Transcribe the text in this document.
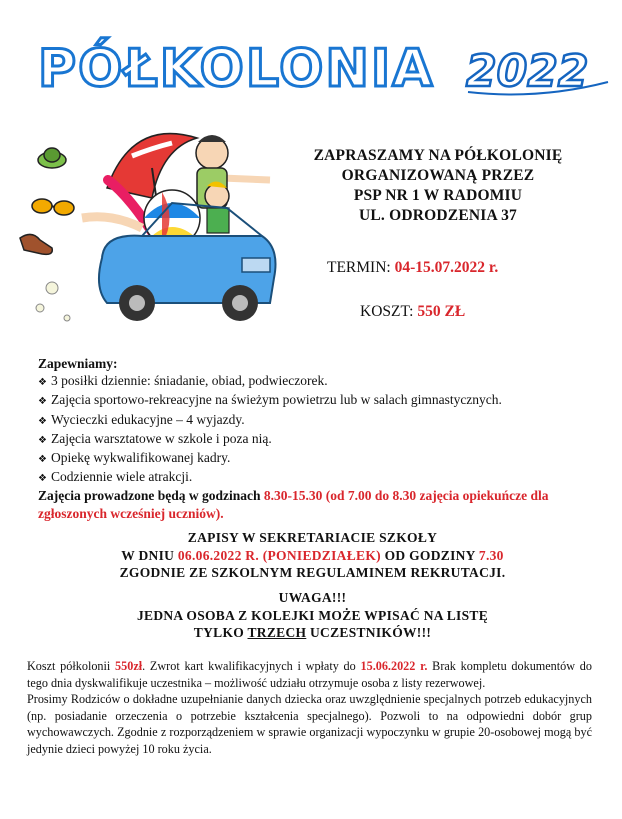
PÓŁKOLONIA 2022
ZAPRASZAMY NA PÓŁKOLONIĘ
ORGANIZOWANĄ PRZEZ
PSP NR 1 W RADOMIU
UL. ODRODZENIA 37
TERMIN: 04-15.07.2022 r.
KOSZT: 550 ZŁ
Zapewniamy:
❖ 3 posiłki dziennie: śniadanie, obiad, podwieczorek.
❖ Zajęcia sportowo-rekreacyjne na świeżym powietrzu lub w salach gimnastycznych.
❖ Wycieczki edukacyjne – 4 wyjazdy.
❖ Zajęcia warsztatowe w szkole i poza nią.
❖ Opiekę wykwalifikowanej kadry.
❖ Codziennie wiele atrakcji.
Zajęcia prowadzone będą w godzinach 8.30-15.30 (od 7.00 do 8.30 zajęcia opiekuńcze dla zgłoszonych wcześniej uczniów).
ZAPISY W SEKRETARIACIE SZKOŁY
W DNIU 06.06.2022 R. (PONIEDZIAŁEK) OD GODZINY 7.30
ZGODNIE ZE SZKOLNYM REGULAMINEM REKRUTACJI.
UWAGA!!!
JEDNA OSOBA Z KOLEJKI MOŻE WPISAĆ NA LISTĘ
TYLKO TRZECH UCZESTNIKÓW!!!

Koszt półkolonii 550zł. Zwrot kart kwalifikacyjnych i wpłaty do 15.06.2022 r. Brak kompletu dokumentów do tego dnia dyskwalifikuje uczestnika – możliwość udziału otrzymuje osoba z listy rezerwowej.

Prosimy Rodziców o dokładne uzupełnianie danych dziecka oraz uwzględnienie specjalnych potrzeb edukacyjnych (np. posiadanie orzeczenia o potrzebie kształcenia specjalnego). Pozwoli to na odpowiedni dobór grup wychowawczych. Zgodnie z rozporządzeniem w sprawie organizacji wypoczynku w grupie 20-osobowej mogą być jedynie dzieci powyżej 10 roku życia.
